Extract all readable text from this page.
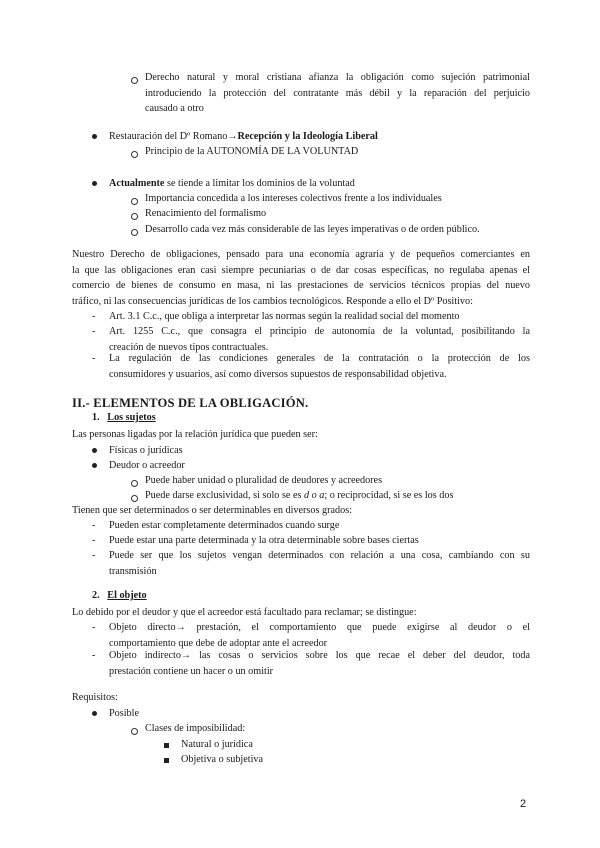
Derecho natural y moral cristiana afianza la obligación como sujeción patrimonial
introduciendo la protección del contratante más débil y la reparación del perjuicio
causado a otro
Restauración del Dº Romano→Recepción y la Ideología Liberal
Principio de la AUTONOMÍA DE LA VOLUNTAD
Actualmente se tiende a limitar los dominios de la voluntad
Importancia concedida a los intereses colectivos frente a los individuales
Renacimiento del formalismo
Desarrollo cada vez más considerable de las leyes imperativas o de orden público.
Nuestro Derecho de obligaciones, pensado para una economía agraria y de pequeños comerciantes en
la que las obligaciones eran casi siempre pecuniarias o de dar cosas específicas, no regulaba apenas el
comercio de bienes de consumo en masa, ni las prestaciones de servicios técnicos propias del nuevo
tráfico, ni las consecuencias jurídicas de los cambios tecnológicos. Responde a ello el Dº Positivo:
- Art. 3.1 C.c., que obliga a interpretar las normas según la realidad social del momento
- Art. 1255 C.c., que consagra el principio de autonomía de la voluntad, posibilitando la
creación de nuevos tipos contractuales.
- La regulación de las condiciones generales de la contratación o la protección de los
consumidores y usuarios, así como diversos supuestos de responsabilidad objetiva.
II.- ELEMENTOS DE LA OBLIGACIÓN.
1. Los sujetos
Las personas ligadas por la relación jurídica que pueden ser:
Físicas o jurídicas
Deudor o acreedor
Puede haber unidad o pluralidad de deudores y acreedores
Puede darse exclusividad, si solo se es d o a; o reciprocidad, si se es los dos
Tienen que ser determinados o ser determinables en diversos grados:
- Pueden estar completamente determinados cuando surge
- Puede estar una parte determinada y la otra determinable sobre bases ciertas
- Puede ser que los sujetos vengan determinados con relación a una cosa, cambiando con su
transmisión
2. El objeto
Lo debido por el deudor y que el acreedor está facultado para reclamar; se distingue:
- Objeto directo→ prestación, el comportamiento que puede exigirse al deudor o el
comportamiento que debe de adoptar ante el acreedor
- Objeto indirecto→ las cosas o servicios sobre los que recae el deber del deudor, toda
prestación contiene un hacer o un omitir
Requisitos:
Posible
Clases de imposibilidad:
Natural o jurídica
Objetiva o subjetiva
2
